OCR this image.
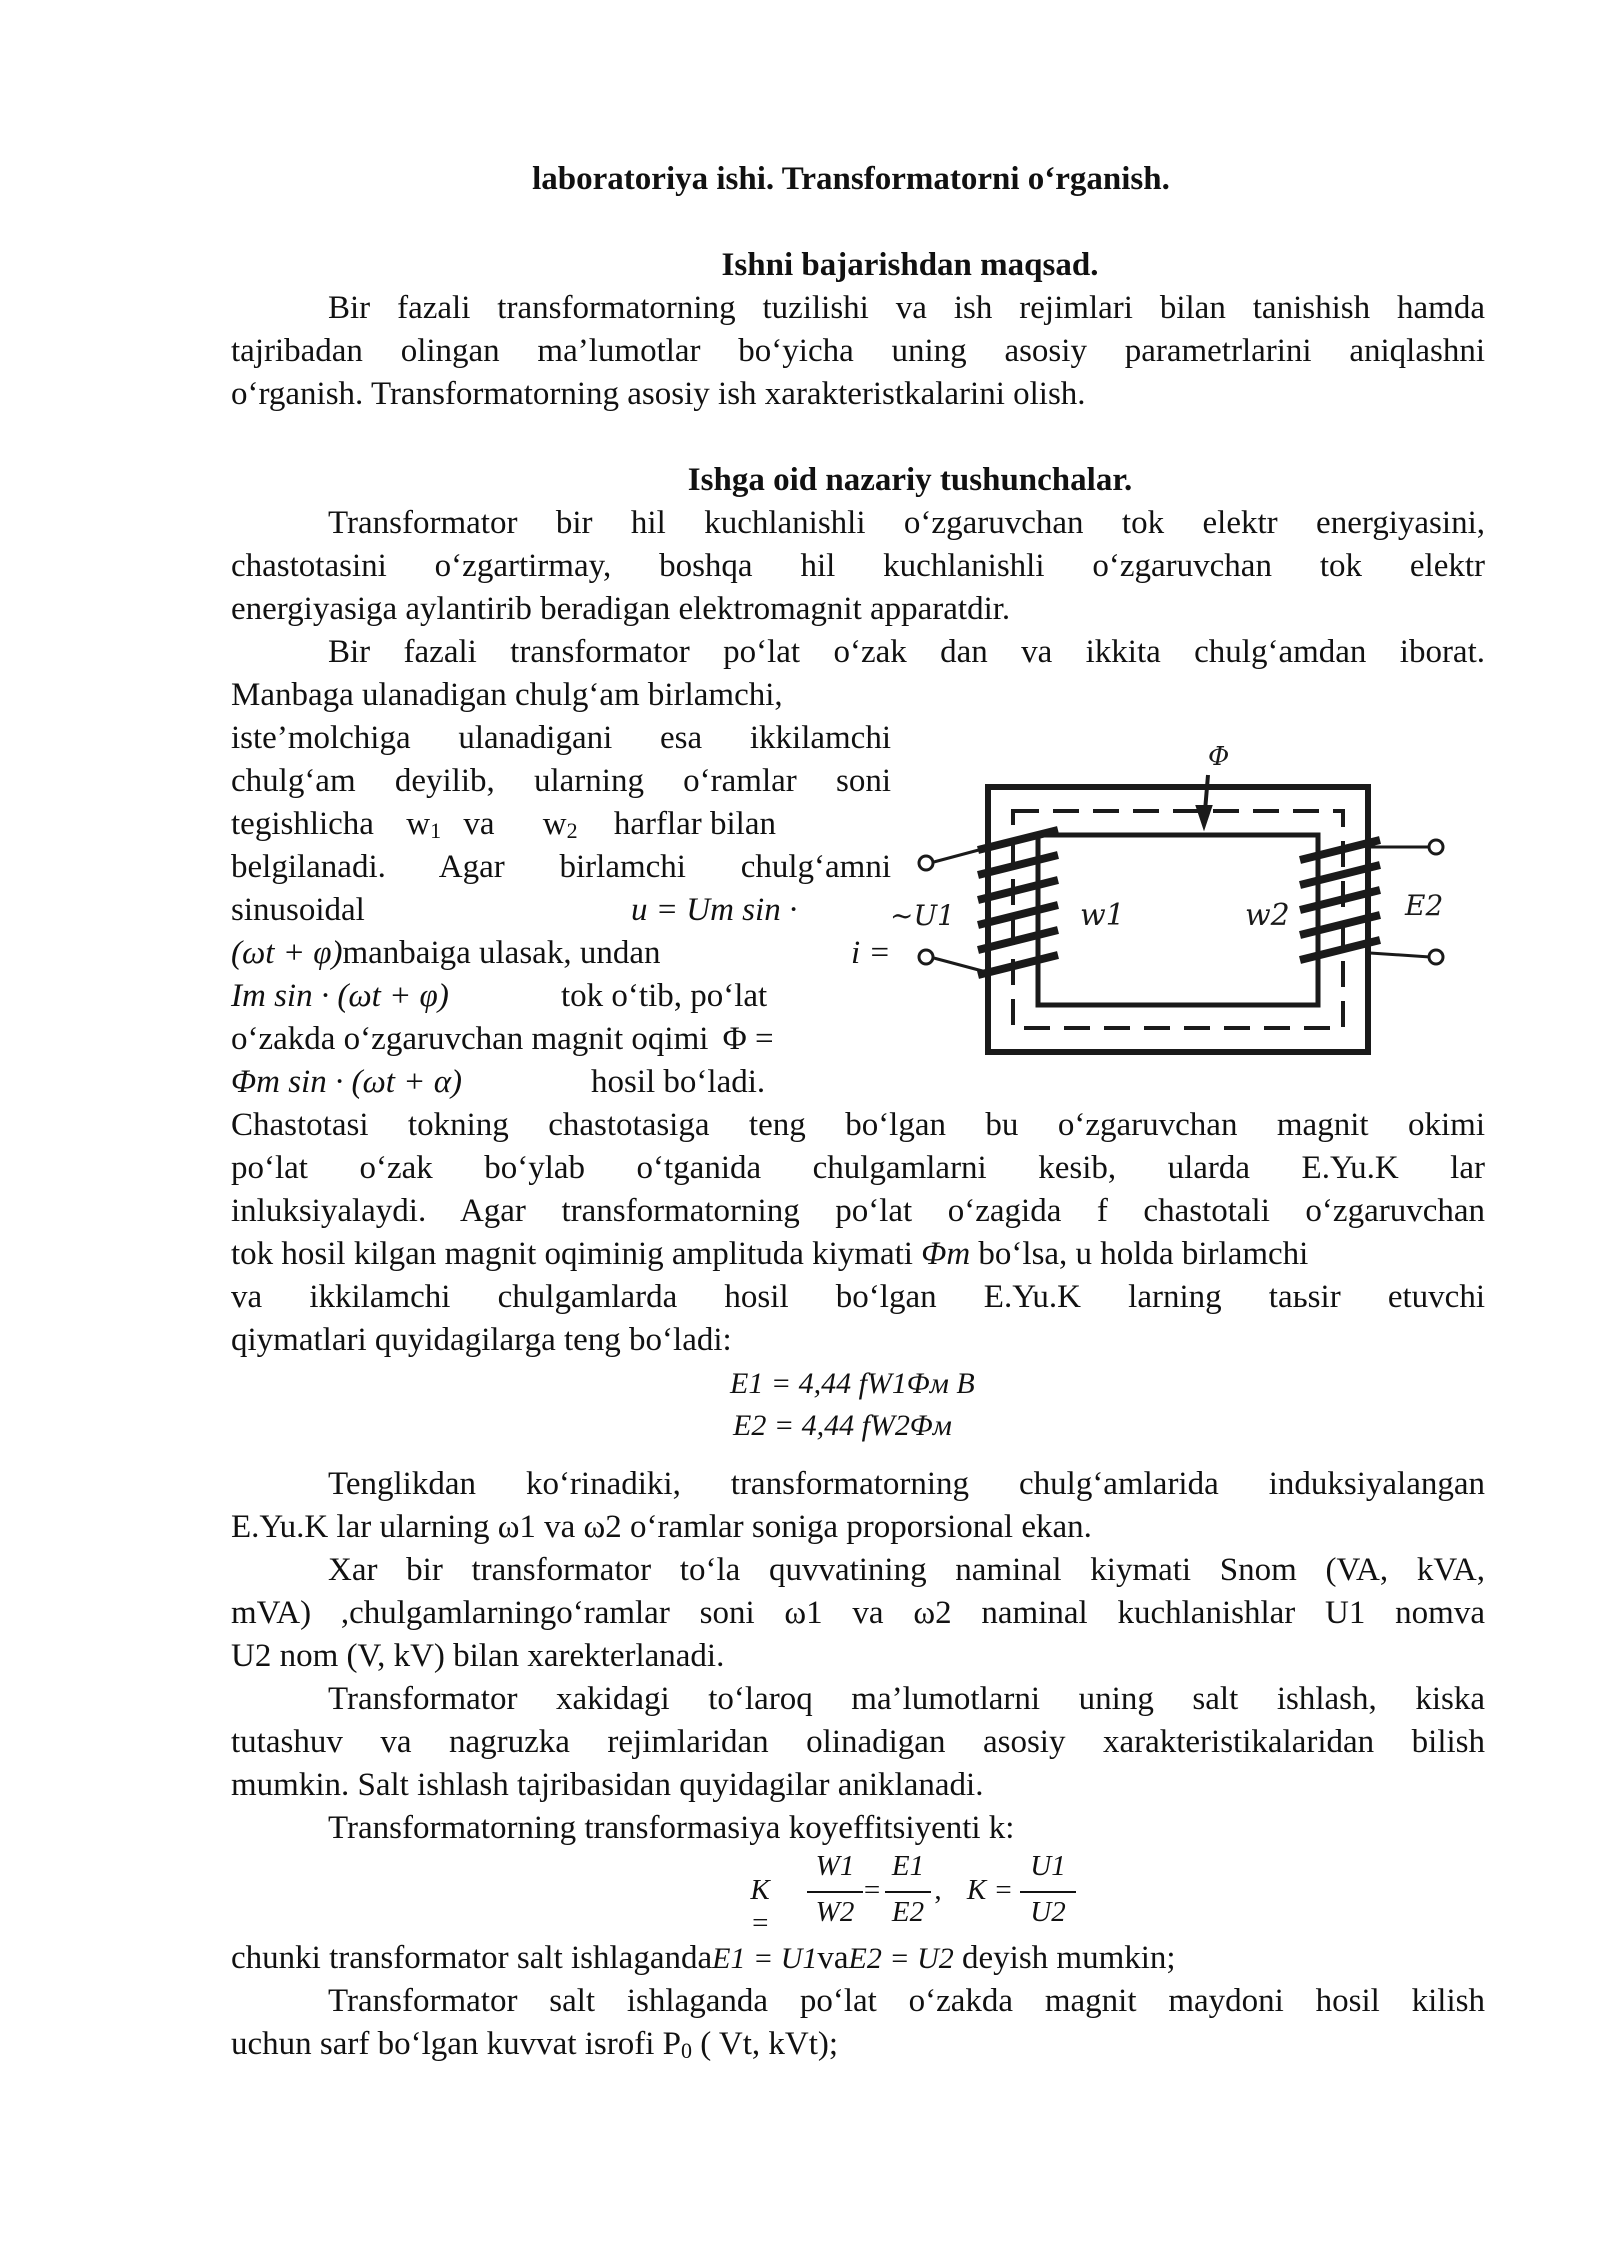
laboratoriya ishi. Transformatorni o‘rganish.
Ishni bajarishdan maqsad.
Bir fazali transformatorning tuzilishi va ish rejimlari bilan tanishish hamda
tajribadan olingan ma’lumotlar bo‘yicha uning asosiy parametrlarini aniqlashni
o‘rganish. Transformatorning asosiy ish xarakteristkalarini olish.
Ishga oid nazariy tushunchalar.
Transformator bir hil kuchlanishli o‘zgaruvchan tok elektr energiyasini,
chastotasini o‘zgartirmay, boshqa hil kuchlanishli o‘zgaruvchan tok elektr
energiyasiga aylantirib beradigan elektromagnit apparatdir.
Bir fazali transformator po‘lat o‘zak dan va ikkita chulg‘amdan iborat.
Manbaga ulanadigan chulg‘am birlamchi,
iste’molchiga ulanadigani esa ikkilamchi
chulg‘am deyilib, ularning o‘ramlar soni
tegishlicha w1 va w2 harflar bilan
belgilanadi. Agar birlamchi chulg‘amni
sinusoidal	u = Um sin ·
(ωt + φ)manbaiga ulasak, undan	i =
Im sin · (ωt + φ)	tok o‘tib, po‘lat
o‘zakda o‘zgaruvchan magnit oqimi Φ =
Φm sin · (ωt + α)	hosil bo‘ladi.
Chastotasi tokning chastotasiga teng bo‘lgan bu o‘zgaruvchan magnit okimi
po‘lat o‘zak bo‘ylab o‘tganida chulgamlarni kesib, ularda E.Yu.K lar
inluksiyalaydi. Agar transformatorning po‘lat o‘zagida f chastotali o‘zgaruvchan
tok hosil kilgan magnit oqiminig amplituda kiymati Φm bo‘lsa, u holda birlamchi
va ikkilamchi chulgamlarda hosil bo‘lgan E.Yu.K larning taьsir etuvchi
qiymatlari quyidagilarga teng bo‘ladi:
E1 = 4,44 fW1Φм B
E2 = 4,44 fW2Φм
Tenglikdan ko‘rinadiki, transformatorning chulg‘amlarida induksiyalangan
E.Yu.K lar ularning ω1 va ω2 o‘ramlar soniga proporsional ekan.
Xar bir transformator to‘la quvvatining naminal kiymati Snom (VA, kVA,
mVA) ,chulgamlarningo‘ramlar soni ω1 va ω2 naminal kuchlanishlar U1 nomva
U2 nom (V, kV) bilan xarekterlanadi.
Transformator xakidagi to‘laroq ma’lumotlarni uning salt ishlash, kiska
tutashuv va nagruzka rejimlaridan olinadigan asosiy xarakteristikalaridan bilish
mumkin. Salt ishlash tajribasidan quyidagilar aniklanadi.
Transformatorning transformasiya koyeffitsiyenti k:
K =
W1
W2
=
E1
E2
, K =
U1
U2
chunki transformator salt ishlagandaE1 = U1vaE2 = U2 deyish mumkin;
Transformator salt ishlaganda po‘lat o‘zakda magnit maydoni hosil kilish
uchun sarf bo‘lgan kuvvat isrofi P0 ( Vt, kVt);
Φ
~U1	E2
w1	w2
